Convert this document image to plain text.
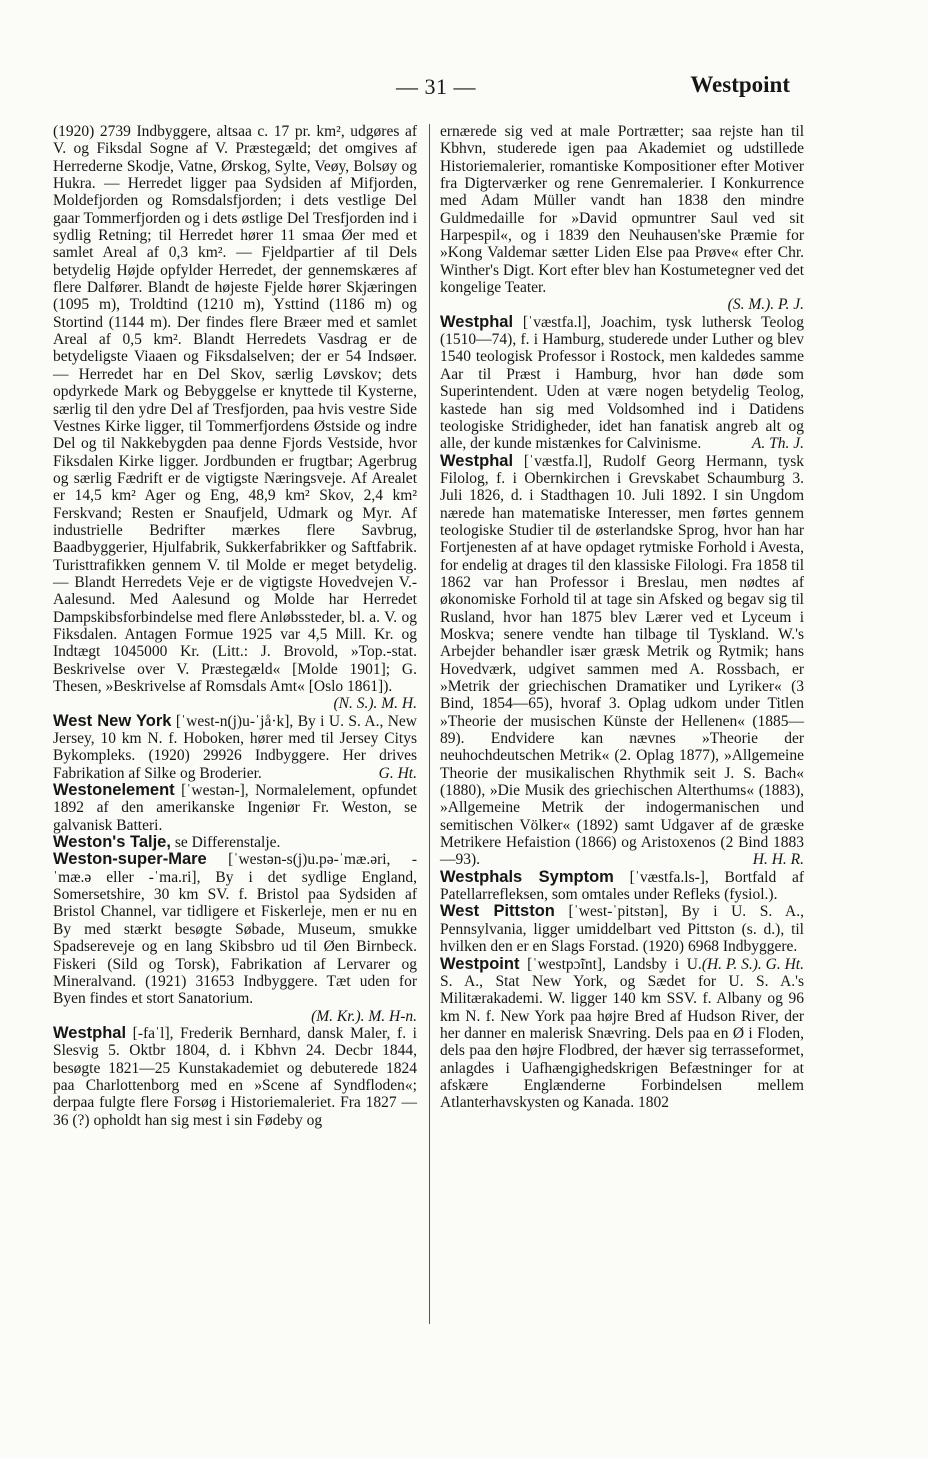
— 31 —	Westpoint

(1920) 2739 Indbyggere, altsaa c. 17 pr. km², udgøres af V. og Fiksdal Sogne af V. Præstegæld; det omgives af Herrederne Skodje, Vatne, Ørskog, Sylte, Veøy, Bolsøy og Hukra. — Herredet ligger paa Sydsiden af Mifjorden, Moldefjorden og Romsdalsfjorden; i dets vestlige Del gaar Tommerfjorden og i dets østlige Del Tresfjorden ind i sydlig Retning; til Herredet hører 11 smaa Øer med et samlet Areal af 0,3 km². — Fjeldpartier af til Dels betydelig Højde opfylder Herredet, der gennemskæres af flere Dalfører. Blandt de højeste Fjelde hører Skjæringen (1095 m), Troldtind (1210 m), Ysttind (1186 m) og Stortind (1144 m). Der findes flere Bræer med et samlet Areal af 0,5 km². Blandt Herredets Vasdrag er de betydeligste Viaaen og Fiksdalselven; der er 54 Indsøer. — Herredet har en Del Skov, særlig Løvskov; dets opdyrkede Mark og Bebyggelse er knyttede til Kysterne, særlig til den ydre Del af Tresfjorden, paa hvis vestre Side Vestnes Kirke ligger, til Tommerfjordens Østside og indre Del og til Nakkebygden paa denne Fjords Vestside, hvor Fiksdalen Kirke ligger. Jordbunden er frugtbar; Agerbrug og særlig Fædrift er de vigtigste Næringsveje. Af Arealet er 14,5 km² Ager og Eng, 48,9 km² Skov, 2,4 km² Ferskvand; Resten er Snaufjeld, Udmark og Myr. Af industrielle Bedrifter mærkes flere Savbrug, Baadbyggerier, Hjulfabrik, Sukkerfabrikker og Saftfabrik. Turisttrafikken gennem V. til Molde er meget betydelig. — Blandt Herredets Veje er de vigtigste Hovedvejen V.-Aalesund. Med Aalesund og Molde har Herredet Dampskibsforbindelse med flere Anløbssteder, bl. a. V. og Fiksdalen. Antagen Formue 1925 var 4,5 Mill. Kr. og Indtægt 1045000 Kr. (Litt.: J. Brovold, »Top.-stat. Beskrivelse over V. Præstegæld« [Molde 1901]; G. Thesen, »Beskrivelse af Romsdals Amt« [Oslo 1861]).

(N. S.). M. H.

West New York [ˈwest-n(j)u-ˈjå·k], By i U. S. A., New Jersey, 10 km N. f. Hoboken, hører med til Jersey Citys Bykompleks. (1920) 29926 Indbyggere. Her drives Fabrikation af Silke og Broderier.	G. Ht.

Westonelement [ˈwestən-], Normalelement, opfundet 1892 af den amerikanske Ingeniør Fr. Weston, se galvanisk Batteri.

Weston's Talje, se Differenstalje.

Weston-super-Mare [ˈwestən-s(j)u.pə-ˈmæ.əri, -ˈmæ.ə eller -ˈma.ri], By i det sydlige England, Somersetshire, 30 km SV. f. Bristol paa Sydsiden af Bristol Channel, var tidligere et Fiskerleje, men er nu en By med stærkt besøgte Søbade, Museum, smukke Spadsereveje og en lang Skibsbro ud til Øen Birnbeck. Fiskeri (Sild og Torsk), Fabrikation af Lervarer og Mineralvand. (1921) 31653 Indbyggere. Tæt uden for Byen findes et stort Sanatorium.

(M. Kr.). M. H-n.

Westphal [-faˈl], Frederik Bernhard, dansk Maler, f. i Slesvig 5. Oktbr 1804, d. i Kbhvn 24. Decbr 1844, besøgte 1821—25 Kunstakademiet og debuterede 1824 paa Charlottenborg med en »Scene af Syndfloden«; derpaa fulgte flere Forsøg i Historiemaleriet. Fra 1827 —36 (?) opholdt han sig mest i sin Fødeby og

ernærede sig ved at male Portrætter; saa rejste han til Kbhvn, studerede igen paa Akademiet og udstillede Historiemalerier, romantiske Kompositioner efter Motiver fra Digterværker og rene Genremalerier. I Konkurrence med Adam Müller vandt han 1838 den mindre Guldmedaille for »David opmuntrer Saul ved sit Harpespil«, og i 1839 den Neuhausen'ske Præmie for »Kong Valdemar sætter Liden Else paa Prøve« efter Chr. Winther's Digt. Kort efter blev han Kostumetegner ved det kongelige Teater.

(S. M.). P. J.

Westphal [ˈvæstfa.l], Joachim, tysk luthersk Teolog (1510—74), f. i Hamburg, studerede under Luther og blev 1540 teologisk Professor i Rostock, men kaldedes samme Aar til Præst i Hamburg, hvor han døde som Superintendent. Uden at være nogen betydelig Teolog, kastede han sig med Voldsomhed ind i Datidens teologiske Stridigheder, idet han fanatisk angreb alt og alle, der kunde mistænkes for Calvinisme.	A. Th. J.

Westphal [ˈvæstfa.l], Rudolf Georg Hermann, tysk Filolog, f. i Obernkirchen i Grevskabet Schaumburg 3. Juli 1826, d. i Stadthagen 10. Juli 1892. I sin Ungdom nærede han matematiske Interesser, men førtes gennem teologiske Studier til de østerlandske Sprog, hvor han har Fortjenesten af at have opdaget rytmiske Forhold i Avesta, for endelig at drages til den klassiske Filologi. Fra 1858 til 1862 var han Professor i Breslau, men nødtes af økonomiske Forhold til at tage sin Afsked og begav sig til Rusland, hvor han 1875 blev Lærer ved et Lyceum i Moskva; senere vendte han tilbage til Tyskland. W.'s Arbejder behandler især græsk Metrik og Rytmik; hans Hovedværk, udgivet sammen med A. Rossbach, er »Metrik der griechischen Dramatiker und Lyriker« (3 Bind, 1854—65), hvoraf 3. Oplag udkom under Titlen »Theorie der musischen Künste der Hellenen« (1885—89). Endvidere kan nævnes »Theorie der neuhochdeutschen Metrik« (2. Oplag 1877), »Allgemeine Theorie der musikalischen Rhythmik seit J. S. Bach« (1880), »Die Musik des griechischen Alterthums« (1883), »Allgemeine Metrik der indogermanischen und semitischen Völker« (1892) samt Udgaver af de græske Metrikere Hefaistion (1866) og Aristoxenos (2 Bind 1883 —93).	H. H. R.

Westphals Symptom [ˈvæstfa.ls-], Bortfald af Patellarrefleksen, som omtales under Refleks (fysiol.).

West Pittston [ˈwest-ˈpitstən], By i U. S. A., Pennsylvania, ligger umiddelbart ved Pittston (s. d.), til hvilken den er en Slags Forstad. (1920) 6968 Indbyggere.
(H. P. S.). G. Ht.

Westpoint [ˈwestpɔ̃int], Landsby i U. S. A., Stat New York, og Sædet for U. S. A.'s Militærakademi. W. ligger 140 km SSV. f. Albany og 96 km N. f. New York paa højre Bred af Hudson River, der her danner en malerisk Snævring. Dels paa en Ø i Floden, dels paa den højre Flodbred, der hæver sig terrasseformet, anlagdes i Uafhængighedskrigen Befæstninger for at afskære Englænderne Forbindelsen mellem Atlanterhavskysten og Kanada. 1802
